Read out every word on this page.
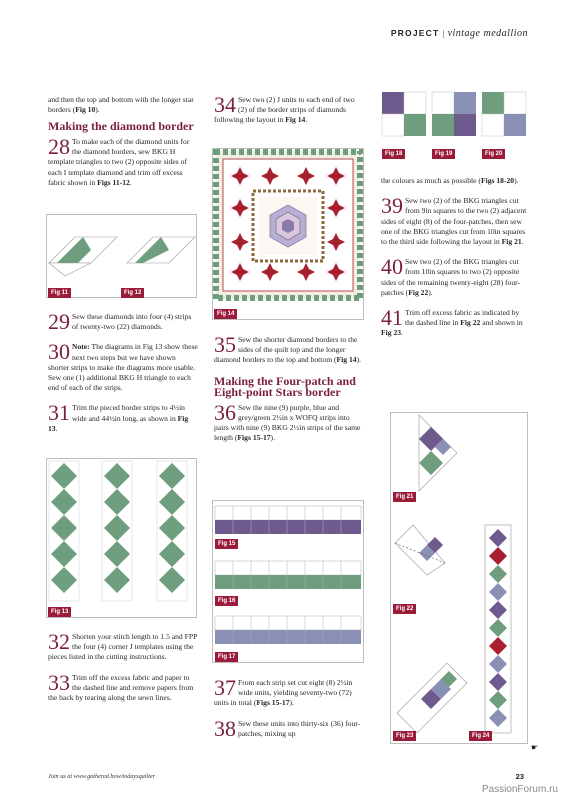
PROJECT | vintage medallion

and then the top and bottom with the longer star borders (Fig 10).

Making the diamond border
28 To make each of the diamond units for the diamond borders, sew BKG H template triangles to two (2) opposite sides of each I template diamond and trim off excess fabric shown in Figs 11-12.

29 Sew these diamonds into four (4) strips of twenty-two (22) diamonds.

30 Note: The diagrams in Fig 13 show these next two steps but we have shown shorter strips to make the diagrams more usable. Sew one (1) additional BKG H triangle to each end of each of the strips.

31 Trim the pieced border strips to 4½in wide and 44½in long, as shown in Fig 13.

32 Shorten your stitch length to 1.5 and FPP the four (4) corner J templates using the pieces listed in the cutting instructions.

33 Trim off the excess fabric and paper to the dashed line and remove papers from the back by tearing along the sewn lines.

Fig 11	Fig 12
Fig 13
34 Sew two (2) J units to each end of two (2) of the border strips of diamonds following the layout in Fig 14.

Fig 14
35 Sew the shorter diamond borders to the sides of the quilt top and the longer diamond borders to the top and bottom (Fig 14).

Making the Four-patch and Eight-point Stars border
36 Sew the nine (9) purple, blue and grey/green 2½in x WOFQ strips into pairs with nine (9) BKG 2½in strips of the same length (Figs 15-17).

Fig 15
Fig 16
Fig 17
37 From each strip set cut eight (8) 2½in wide units, yielding seventy-two (72) units in total (Figs 15-17).

38 Sew these units into thirty-six (36) four-patches, mixing up

Fig 18	Fig 19	Fig 20

the colours as much as possible (Figs 18-20).

39 Sew two (2) of the BKG triangles cut from 9in squares to the two (2) adjacent sides of eight (8) of the four-patches, then sew one of the BKG triangles cut from 10in squares to the third side following the layout in Fig 21.

40 Sew two (2) of the BKG triangles cut from 10in squares to two (2) opposite sides of the remaining twenty-eight (28) four-patches (Fig 22).

41 Trim off excess fabric as indicated by the dashed line in Fig 22 and shown in Fig 23.

Fig 21
Fig 22
Fig 23	Fig 24
☛
Join us at www.gathered.how/todaysquilter	23
PassionForum.ru
